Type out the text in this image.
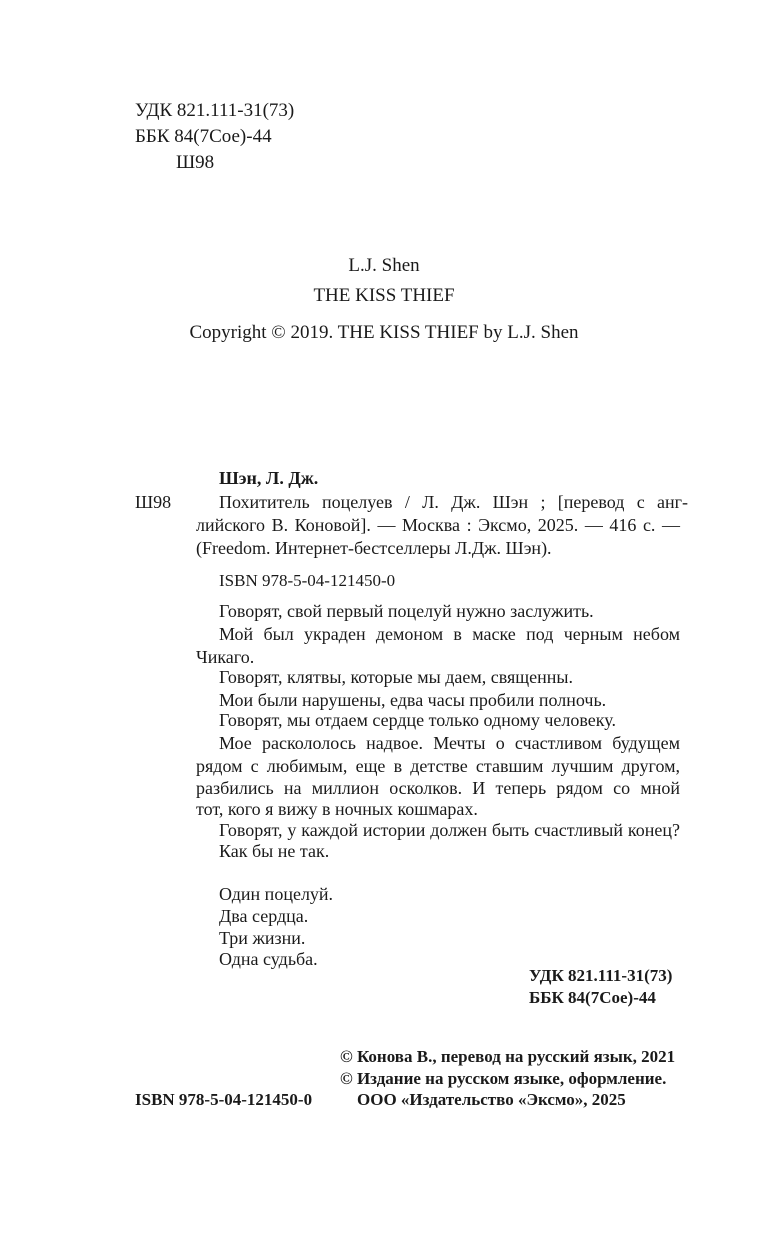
УДК 821.111-31(73)
ББК 84(7Сое)-44
Ш98
L.J. Shen
THE KISS THIEF
Copyright © 2019. THE KISS THIEF by L.J. Shen
Шэн, Л. Дж.
Ш98	Похититель поцелуев / Л. Дж. Шэн ; [перевод с анг-
лийского В. Коновой]. — Москва : Эксмо, 2025. — 416 с. —
(Freedom. Интернет-бестселлеры Л.Дж. Шэн).
ISBN 978-5-04-121450-0
Говорят, свой первый поцелуй нужно заслужить.
Мой был украден демоном в маске под черным небом
Чикаго.
Говорят, клятвы, которые мы даем, священны.
Мои были нарушены, едва часы пробили полночь.
Говорят, мы отдаем сердце только одному человеку.
Мое раскололось надвое. Мечты о счастливом будущем
рядом с любимым, еще в детстве ставшим лучшим другом,
разбились на миллион осколков. И теперь рядом со мной
тот, кого я вижу в ночных кошмарах.
Говорят, у каждой истории должен быть счастливый конец?
Как бы не так.
Один поцелуй.
Два сердца.
Три жизни.
Одна судьба.
УДК 821.111-31(73)
ББК 84(7Сое)-44
© Конова В., перевод на русский язык, 2021
© Издание на русском языке, оформление.
ISBN 978-5-04-121450-0	ООО «Издательство «Эксмо», 2025
